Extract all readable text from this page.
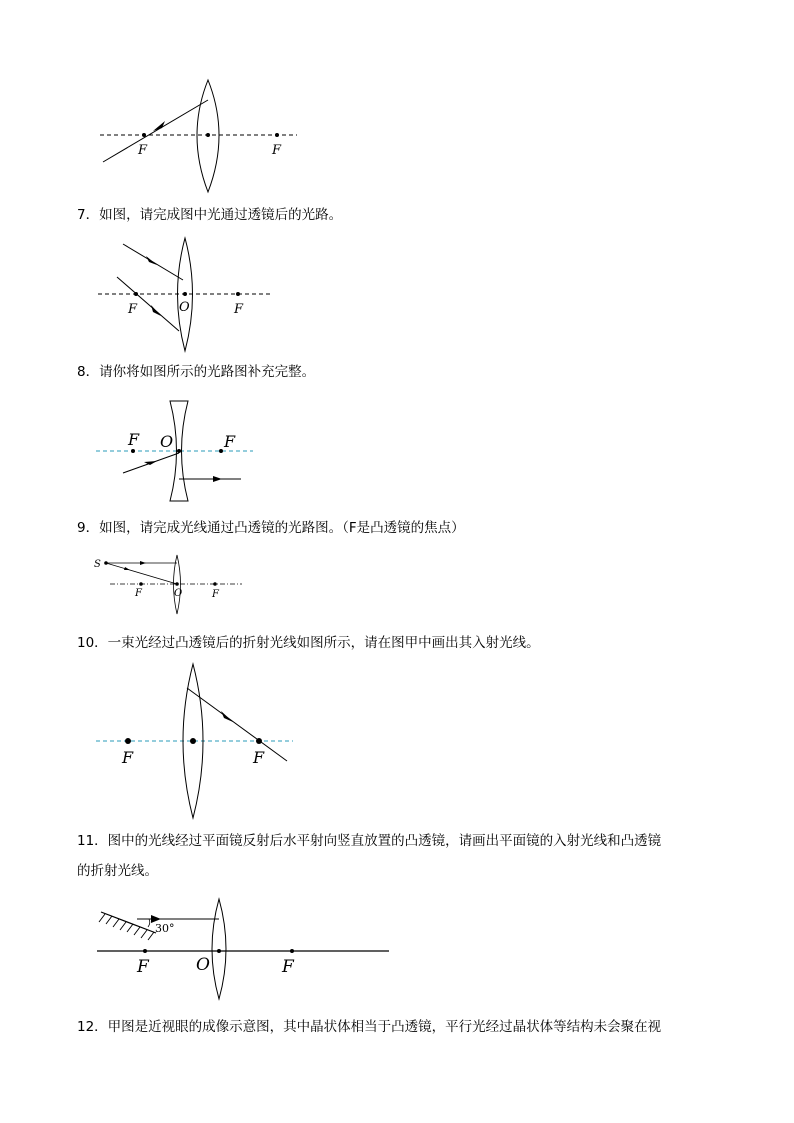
F	F
7．如图，请完成图中光通过透镜后的光路。
F	O	F
8．请你将如图所示的光路图补充完整。
F O	F
9．如图，请完成光线通过凸透镜的光路图。（F是凸透镜的焦点）
S
F	O	F
10．一束光经过凸透镜后的折射光线如图所示，请在图甲中画出其入射光线。
F	F
11．图中的光线经过平面镜反射后水平射向竖直放置的凸透镜，请画出平面镜的入射光线和凸透镜
的折射光线。
30°
F	O	F
12．甲图是近视眼的成像示意图，其中晶状体相当于凸透镜，平行光经过晶状体等结构未会聚在视
